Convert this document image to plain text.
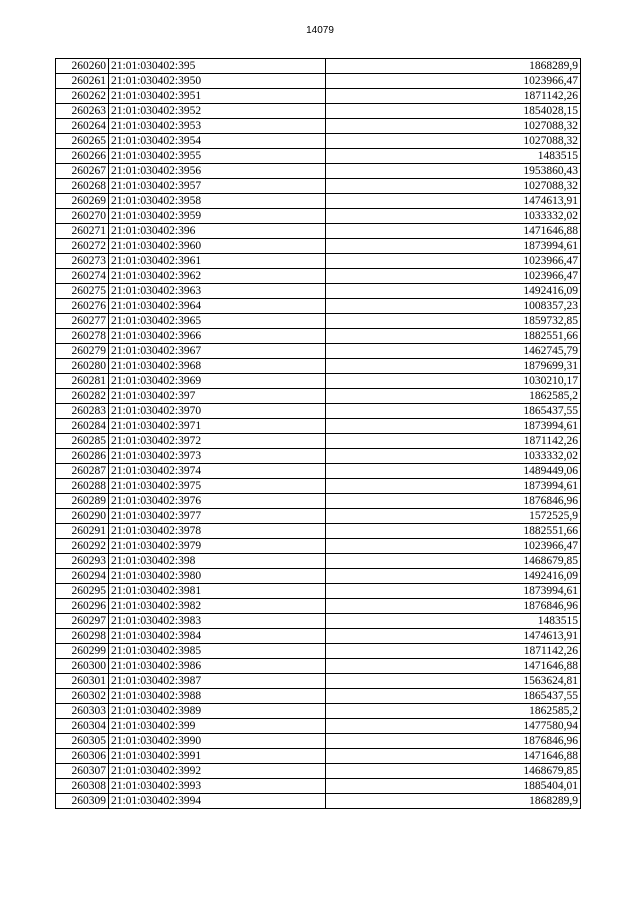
14079
260260	21:01:030402:395	1868289,9
260261	21:01:030402:3950	1023966,47
260262	21:01:030402:3951	1871142,26
260263	21:01:030402:3952	1854028,15
260264	21:01:030402:3953	1027088,32
260265	21:01:030402:3954	1027088,32
260266	21:01:030402:3955	1483515
260267	21:01:030402:3956	1953860,43
260268	21:01:030402:3957	1027088,32
260269	21:01:030402:3958	1474613,91
260270	21:01:030402:3959	1033332,02
260271	21:01:030402:396	1471646,88
260272	21:01:030402:3960	1873994,61
260273	21:01:030402:3961	1023966,47
260274	21:01:030402:3962	1023966,47
260275	21:01:030402:3963	1492416,09
260276	21:01:030402:3964	1008357,23
260277	21:01:030402:3965	1859732,85
260278	21:01:030402:3966	1882551,66
260279	21:01:030402:3967	1462745,79
260280	21:01:030402:3968	1879699,31
260281	21:01:030402:3969	1030210,17
260282	21:01:030402:397	1862585,2
260283	21:01:030402:3970	1865437,55
260284	21:01:030402:3971	1873994,61
260285	21:01:030402:3972	1871142,26
260286	21:01:030402:3973	1033332,02
260287	21:01:030402:3974	1489449,06
260288	21:01:030402:3975	1873994,61
260289	21:01:030402:3976	1876846,96
260290	21:01:030402:3977	1572525,9
260291	21:01:030402:3978	1882551,66
260292	21:01:030402:3979	1023966,47
260293	21:01:030402:398	1468679,85
260294	21:01:030402:3980	1492416,09
260295	21:01:030402:3981	1873994,61
260296	21:01:030402:3982	1876846,96
260297	21:01:030402:3983	1483515
260298	21:01:030402:3984	1474613,91
260299	21:01:030402:3985	1871142,26
260300	21:01:030402:3986	1471646,88
260301	21:01:030402:3987	1563624,81
260302	21:01:030402:3988	1865437,55
260303	21:01:030402:3989	1862585,2
260304	21:01:030402:399	1477580,94
260305	21:01:030402:3990	1876846,96
260306	21:01:030402:3991	1471646,88
260307	21:01:030402:3992	1468679,85
260308	21:01:030402:3993	1885404,01
260309	21:01:030402:3994	1868289,9
